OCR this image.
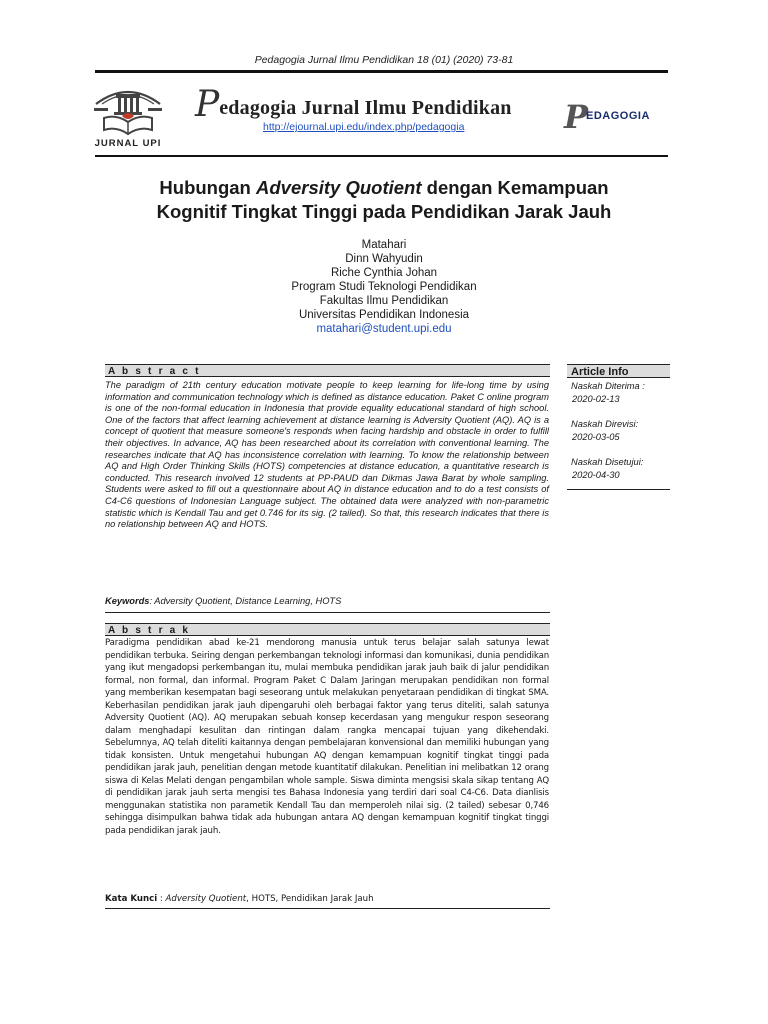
Pedagogia Jurnal Ilmu Pendidikan 18 (01) (2020) 73-81
JURNAL UPI
Pedagogia Jurnal Ilmu Pendidikan
http://ejournal.upi.edu/index.php/pedagogia	P
EDAGOGIA
Hubungan Adversity Quotient dengan Kemampuan
Kognitif Tingkat Tinggi pada Pendidikan Jarak Jauh
Matahari
Dinn Wahyudin
Riche Cynthia Johan
Program Studi Teknologi Pendidikan
Fakultas Ilmu Pendidikan
Universitas Pendidikan Indonesia
matahari@student.upi.edu
A b s t r a c t
The paradigm of 21th century education motivate people to keep learning for life-long time by using information and communication technology which is defined as distance education. Paket C online program is one of the non-formal education in Indonesia that provide equality educational standard of high school. One of the factors that affect learning achievement at distance learning is Adversity Quotient (AQ). AQ is a concept of quotient that measure someone's responds when facing hardship and obstacle in order to fulfill their objectives. In advance, AQ has been researched about its correlation with conventional learning. The researches indicate that AQ has inconsistence correlation with learning. To know the relationship between AQ and High Order Thinking Skills (HOTS) competencies at distance education, a quantitative research is conducted. This research involved 12 students at PP-PAUD dan Dikmas Jawa Barat by whole sampling. Students were asked to fill out a questionnaire about AQ in distance education and to do a test consists of C4-C6 questions of Indonesian Language subject. The obtained data were analyzed with non-parametric statistic which is Kendall Tau and get 0.746 for its sig. (2 tailed). So that, this research indicates that there is no relationship between AQ and HOTS.
Keywords: Adversity Quotient, Distance Learning, HOTS
A b s t r a k
Paradigma pendidikan abad ke-21 mendorong manusia untuk terus belajar salah satunya lewat pendidikan terbuka. Seiring dengan perkembangan teknologi informasi dan komunikasi, dunia pendidikan yang ikut mengadopsi perkembangan itu, mulai membuka pendidikan jarak jauh baik di jalur pendidikan formal, non formal, dan informal. Program Paket C Dalam Jaringan merupakan pendidikan non formal yang memberikan kesempatan bagi seseorang untuk melakukan penyetaraan pendidikan di tingkat SMA. Keberhasilan pendidikan jarak jauh dipengaruhi oleh berbagai faktor yang terus diteliti, salah satunya Adversity Quotient (AQ). AQ merupakan sebuah konsep kecerdasan yang mengukur respon seseorang dalam menghadapi kesulitan dan rintingan dalam rangka mencapai tujuan yang dikehendaki. Sebelumnya, AQ telah diteliti kaitannya dengan pembelajaran konvensional dan memiliki hubungan yang tidak konsisten. Untuk mengetahui hubungan AQ dengan kemampuan kognitif tingkat tinggi pada pendidikan jarak jauh, penelitian dengan metode kuantitatif dilakukan. Penelitian ini melibatkan 12 orang siswa di Kelas Melati dengan pengambilan whole sample. Siswa diminta mengsisi skala sikap tentang AQ di pendidikan jarak jauh serta mengisi tes Bahasa Indonesia yang terdiri dari soal C4-C6. Data dianlisis menggunakan statistika non parametik Kendall Tau dan memperoleh nilai sig. (2 tailed) sebesar 0,746 sehingga disimpulkan bahwa tidak ada hubungan antara AQ dengan kemampuan kognitif tingkat tinggi pada pendidikan jarak jauh.
Kata Kunci : Adversity Quotient, HOTS, Pendidikan Jarak Jauh
Article Info
Naskah Diterima :
2020-02-13
Naskah Direvisi:
2020-03-05
Naskah Disetujui:
2020-04-30
